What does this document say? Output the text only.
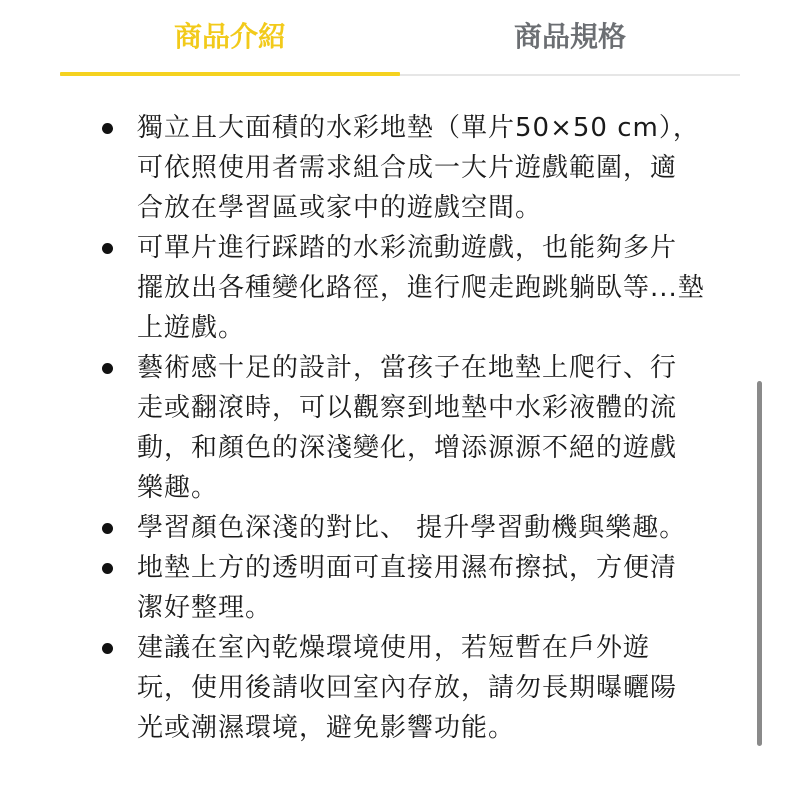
商品介紹	商品規格
獨立且大面積的水彩地墊（單片50×50 cm），
可依照使用者需求組合成一大片遊戲範圍，適
合放在學習區或家中的遊戲空間。
可單片進行踩踏的水彩流動遊戲，也能夠多片
擺放出各種變化路徑，進行爬走跑跳躺臥等...墊
上遊戲。
藝術感十足的設計，當孩子在地墊上爬行、行
走或翻滾時，可以觀察到地墊中水彩液體的流
動，和顏色的深淺變化，增添源源不絕的遊戲
樂趣。
學習顏色深淺的對比、 提升學習動機與樂趣。
地墊上方的透明面可直接用濕布擦拭，方便清
潔好整理。
建議在室內乾燥環境使用，若短暫在戶外遊
玩，使用後請收回室內存放，請勿長期曝曬陽
光或潮濕環境，避免影響功能。
